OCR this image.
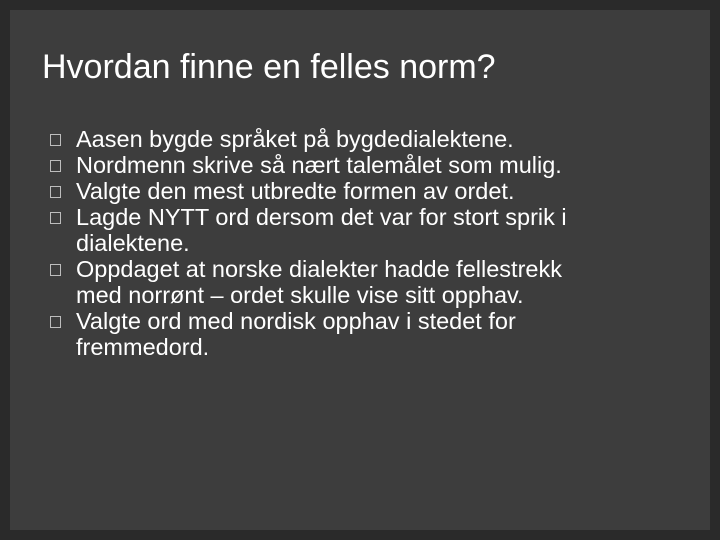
Hvordan finne en felles norm?
Aasen bygde språket på bygdedialektene.
Nordmenn skrive så nært talemålet som mulig.
Valgte den mest utbredte formen av ordet.
Lagde NYTT ord dersom det var for stort sprik i dialektene.
Oppdaget at norske dialekter hadde fellestrekk med norrønt – ordet skulle vise sitt opphav.
Valgte ord med nordisk opphav i stedet for fremmedord.
